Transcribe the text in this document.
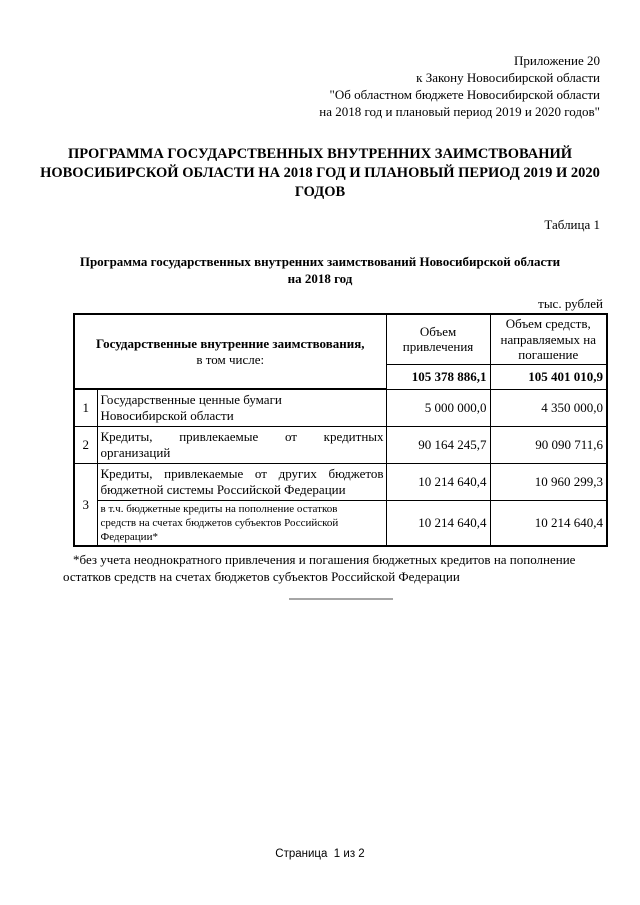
Приложение 20
к Закону Новосибирской области
"Об областном бюджете Новосибирской области
на 2018 год и плановый период 2019 и 2020 годов"
ПРОГРАММА ГОСУДАРСТВЕННЫХ ВНУТРЕННИХ ЗАИМСТВОВАНИЙ
НОВОСИБИРСКОЙ ОБЛАСТИ НА 2018 ГОД И ПЛАНОВЫЙ ПЕРИОД 2019 И 2020
ГОДОВ
Таблица 1
Программа государственных внутренних заимствований Новосибирской области
на 2018 год
тыс. рублей
Государственные внутренние заимствования,
в том числе:		Объем привлечения	Объем средств, направляемых на погашение
		105 378 886,1	105 401 010,9
1	Государственные ценные бумаги
Новосибирской области	5 000 000,0	4 350 000,0
2	Кредиты, привлекаемые от кредитных
организаций	90 164 245,7	90 090 711,6
3	Кредиты, привлекаемые от других бюджетов
бюджетной системы Российской Федерации	10 214 640,4	10 960 299,3

	в т.ч. бюджетные кредиты на пополнение остатков
средств на счетах бюджетов субъектов Российской
Федерации*	10 214 640,4	10 214 640,4
*без учета неоднократного привлечения и погашения бюджетных кредитов на пополнение
остатков средств на счетах бюджетов субъектов Российской Федерации
Страница  1 из 2
